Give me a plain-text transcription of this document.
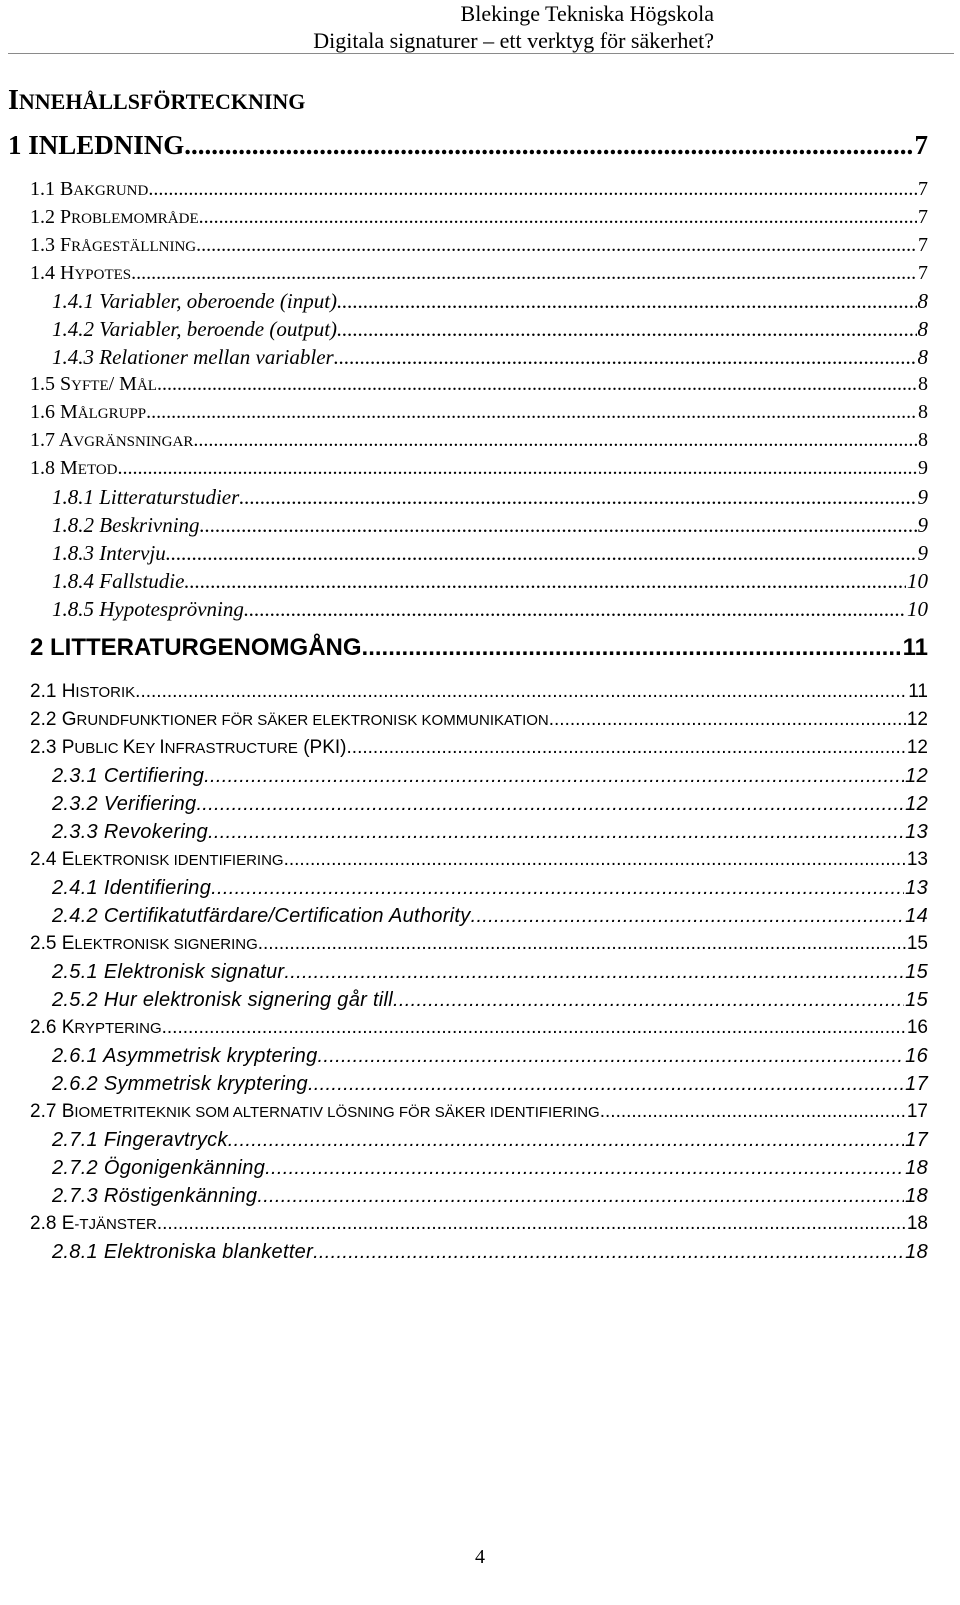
Blekinge Tekniska Högskola
Digitala signaturer – ett verktyg för säkerhet?
INNEHÅLLSFÖRTECKNING
1 INLEDNING .....	7
1.1 BAKGRUND .....	7
1.2 PROBLEMOMRÅDE .....	7
1.3 FRÅGESTÄLLNING .....	7
1.4 HYPOTES .....	7
1.4.1 Variabler, oberoende (input) .....	8
1.4.2 Variabler, beroende (output) .....	8
1.4.3 Relationer mellan variabler .....	8
1.5 SYFTE/ MÅL .....	8
1.6 MÅLGRUPP .....	8
1.7 AVGRÄNSNINGAR .....	8
1.8 METOD .....	9
1.8.1 Litteraturstudier .....	9
1.8.2 Beskrivning .....	9
1.8.3 Intervju .....	9
1.8.4 Fallstudie .....	10
1.8.5 Hypotesprövning .....	10
2 LITTERATURGENOMGÅNG .....	11
2.1 HISTORIK .....	11
2.2 GRUNDFUNKTIONER FÖR SÄKER ELEKTRONISK KOMMUNIKATION .....	12
2.3 PUBLIC KEY INFRASTRUCTURE (PKI) .....	12
2.3.1 Certifiering .....	12
2.3.2 Verifiering .....	12
2.3.3 Revokering .....	13
2.4 ELEKTRONISK IDENTIFIERING .....	13
2.4.1 Identifiering .....	13
2.4.2 Certifikatutfärdare/Certification Authority .....	14
2.5 ELEKTRONISK SIGNERING .....	15
2.5.1 Elektronisk signatur .....	15
2.5.2 Hur elektronisk signering går till .....	15
2.6 KRYPTERING .....	16
2.6.1 Asymmetrisk kryptering .....	16
2.6.2 Symmetrisk kryptering .....	17
2.7 BIOMETRITEKNIK SOM ALTERNATIV LÖSNING FÖR SÄKER IDENTIFIERING .....	17
2.7.1 Fingeravtryck .....	17
2.7.2 Ögonigenkänning .....	18
2.7.3 Röstigenkänning .....	18
2.8 E-TJÄNSTER .....	18
2.8.1 Elektroniska blanketter .....	18
4
